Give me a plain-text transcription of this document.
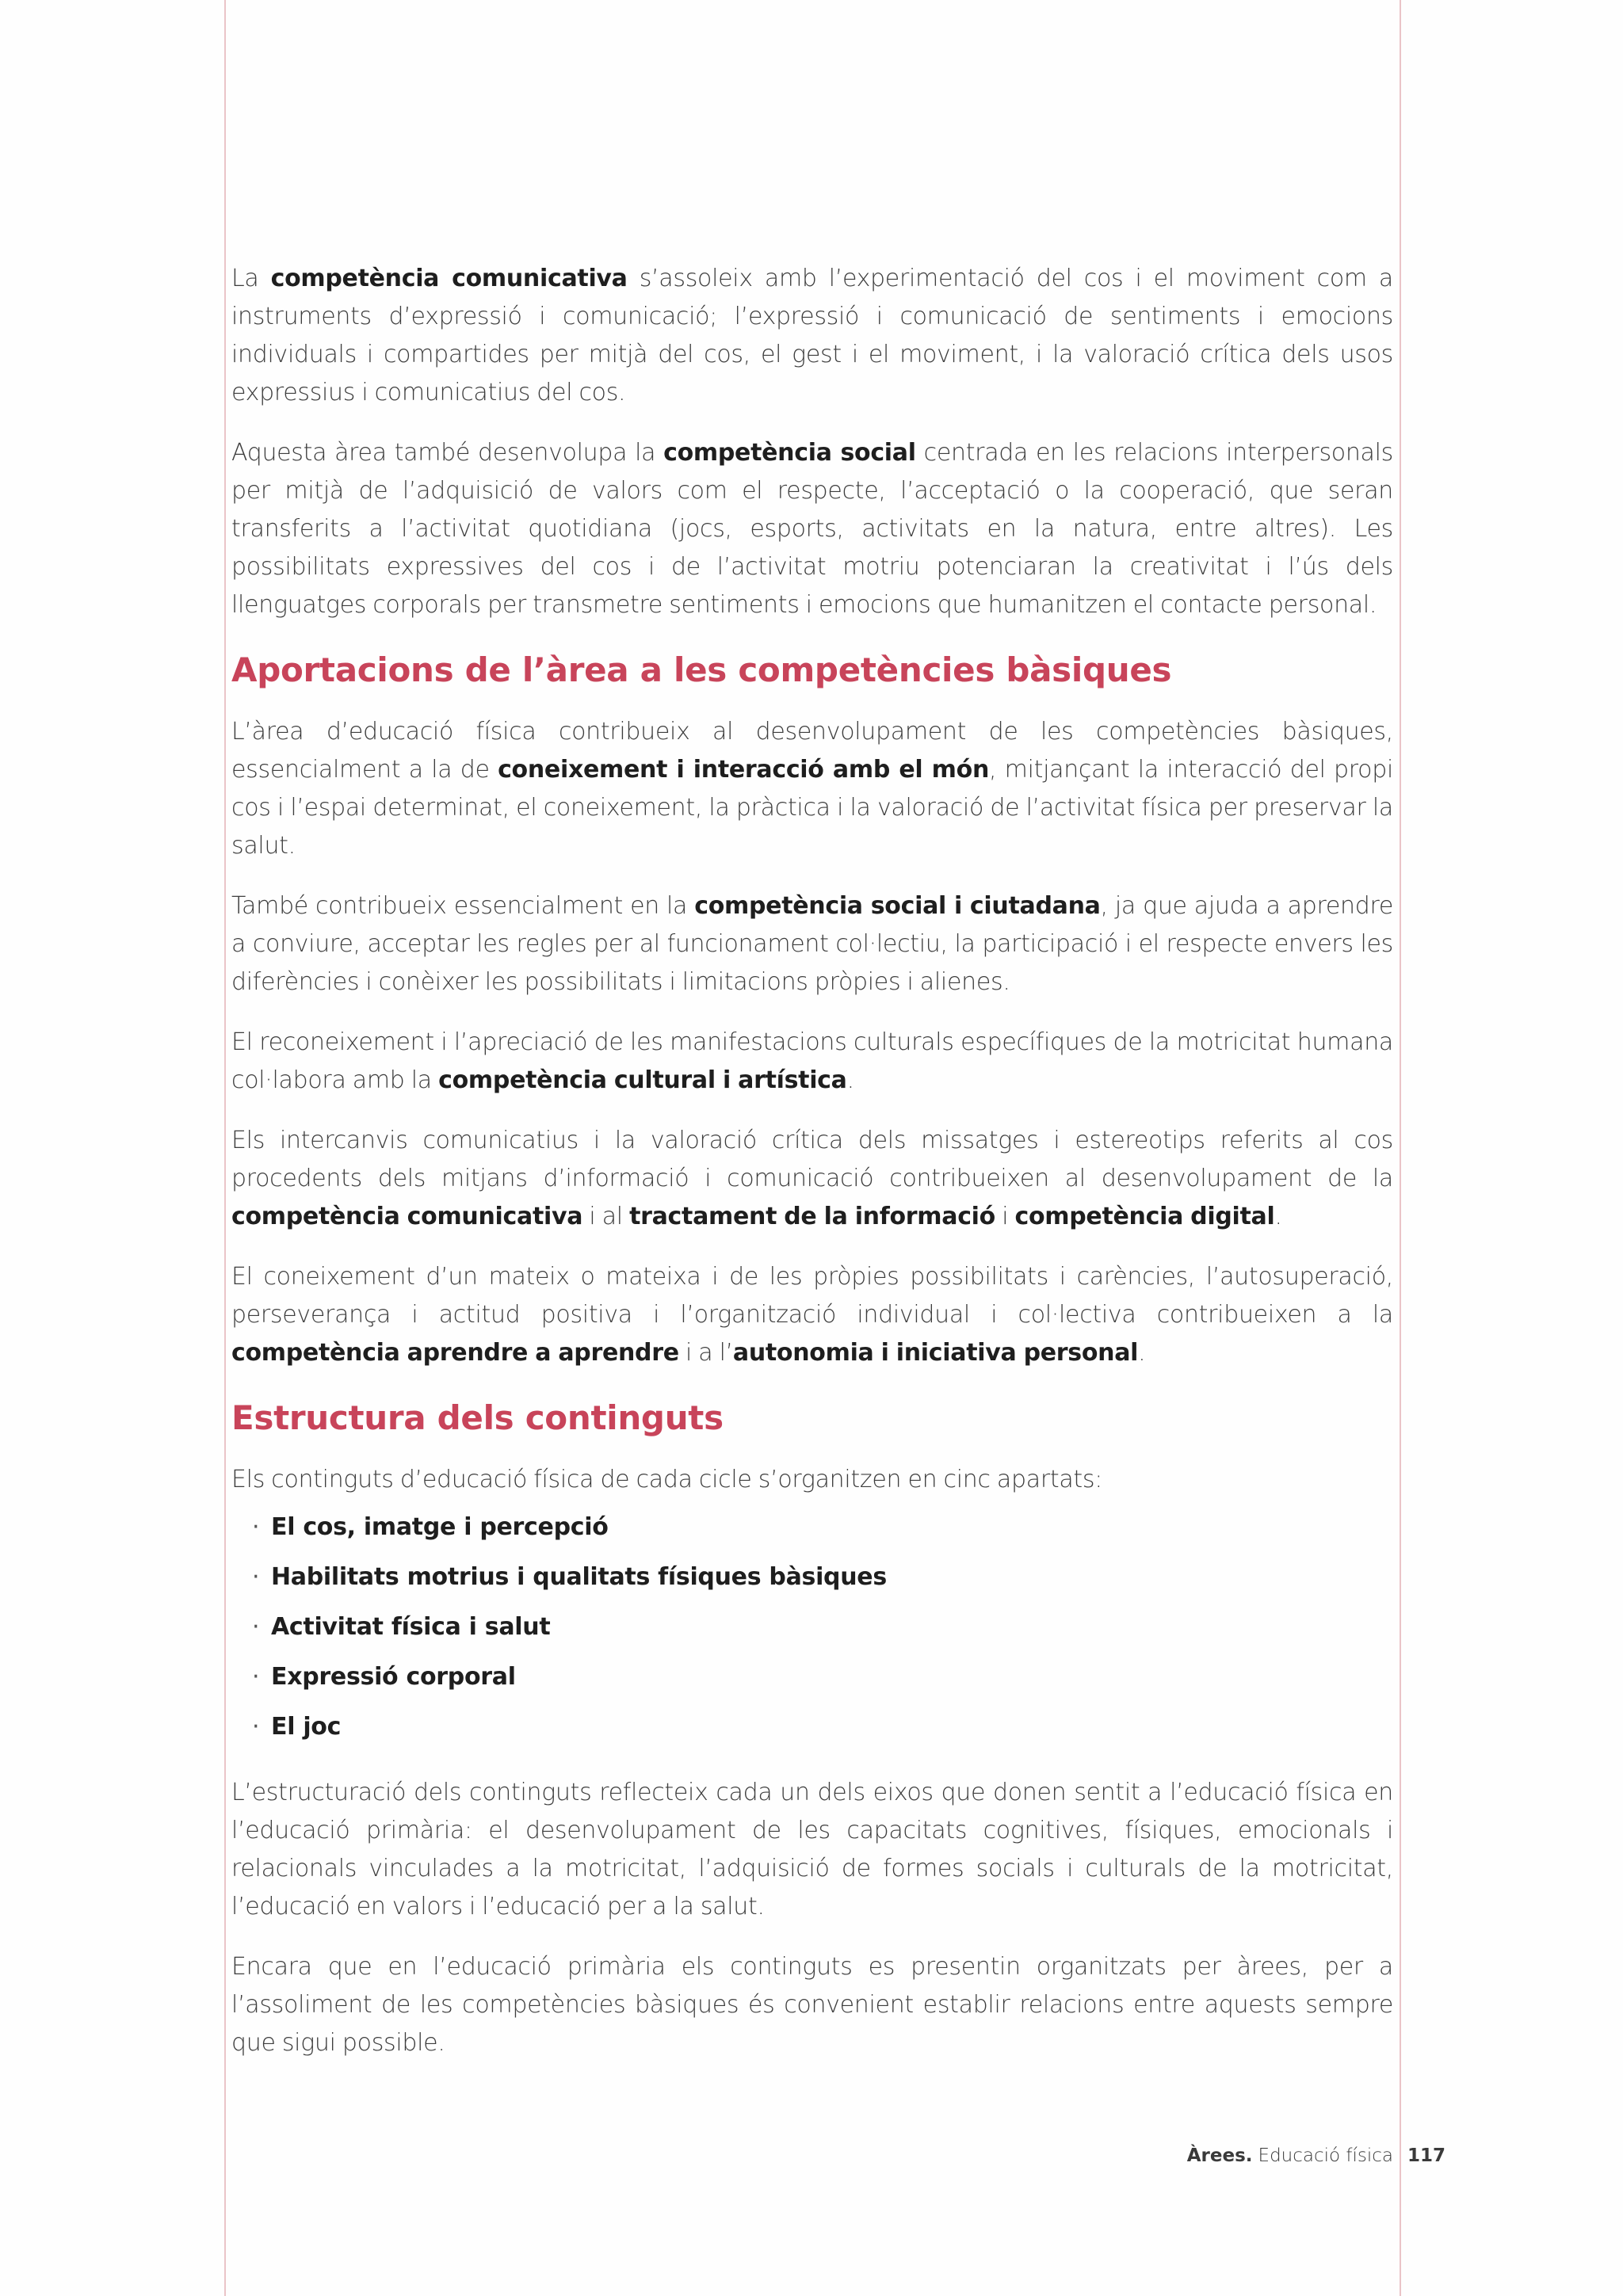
La competència comunicativa s’assoleix amb l’experimentació del cos i el moviment com a instruments d’expressió i comunicació; l’expressió i comunicació de sentiments i emocions individuals i compartides per mitjà del cos, el gest i el moviment, i la valoració crítica dels usos expressius i comunicatius del cos.

Aquesta àrea també desenvolupa la competència social centrada en les relacions interpersonals per mitjà de l’adquisició de valors com el respecte, l’acceptació o la cooperació, que seran transferits a l’activitat quotidiana (jocs, esports, activitats en la natura, entre altres). Les possibilitats expressives del cos i de l’activitat motriu potenciaran la creativitat i l’ús dels llenguatges corporals per transmetre sentiments i emocions que humanitzen el contacte personal.

Aportacions de l’àrea a les competències bàsiques

L’àrea d’educació física contribueix al desenvolupament de les competències bàsiques, essencialment a la de coneixement i interacció amb el món, mitjançant la interacció del propi cos i l’espai determinat, el coneixement, la pràctica i la valoració de l’activitat física per preservar la salut.

També contribueix essencialment en la competència social i ciutadana, ja que ajuda a aprendre a conviure, acceptar les regles per al funcionament col·lectiu, la participació i el respecte envers les diferències i conèixer les possibilitats i limitacions pròpies i alienes.

El reconeixement i l’apreciació de les manifestacions culturals específiques de la motricitat humana col·labora amb la competència cultural i artística.

Els intercanvis comunicatius i la valoració crítica dels missatges i estereotips referits al cos procedents dels mitjans d’informació i comunicació contribueixen al desenvolupament de la competència comunicativa i al tractament de la informació i competència digital.

El coneixement d’un mateix o mateixa i de les pròpies possibilitats i carències, l’autosuperació, perseverança i actitud positiva i l’organització individual i col·lectiva contribueixen a la competència aprendre a aprendre i a l’autonomia i iniciativa personal.

Estructura dels continguts

Els continguts d’educació física de cada cicle s’organitzen en cinc apartats:

· El cos, imatge i percepció
· Habilitats motrius i qualitats físiques bàsiques
· Activitat física i salut
· Expressió corporal
· El joc

L’estructuració dels continguts reflecteix cada un dels eixos que donen sentit a l’educació física en l’educació primària: el desenvolupament de les capacitats cognitives, físiques, emocionals i relacionals vinculades a la motricitat, l’adquisició de formes socials i culturals de la motricitat, l’educació en valors i l’educació per a la salut.

Encara que en l’educació primària els continguts es presentin organitzats per àrees, per a l’assoliment de les competències bàsiques és convenient establir relacions entre aquests sempre que sigui possible.

Àrees. Educació física 117
